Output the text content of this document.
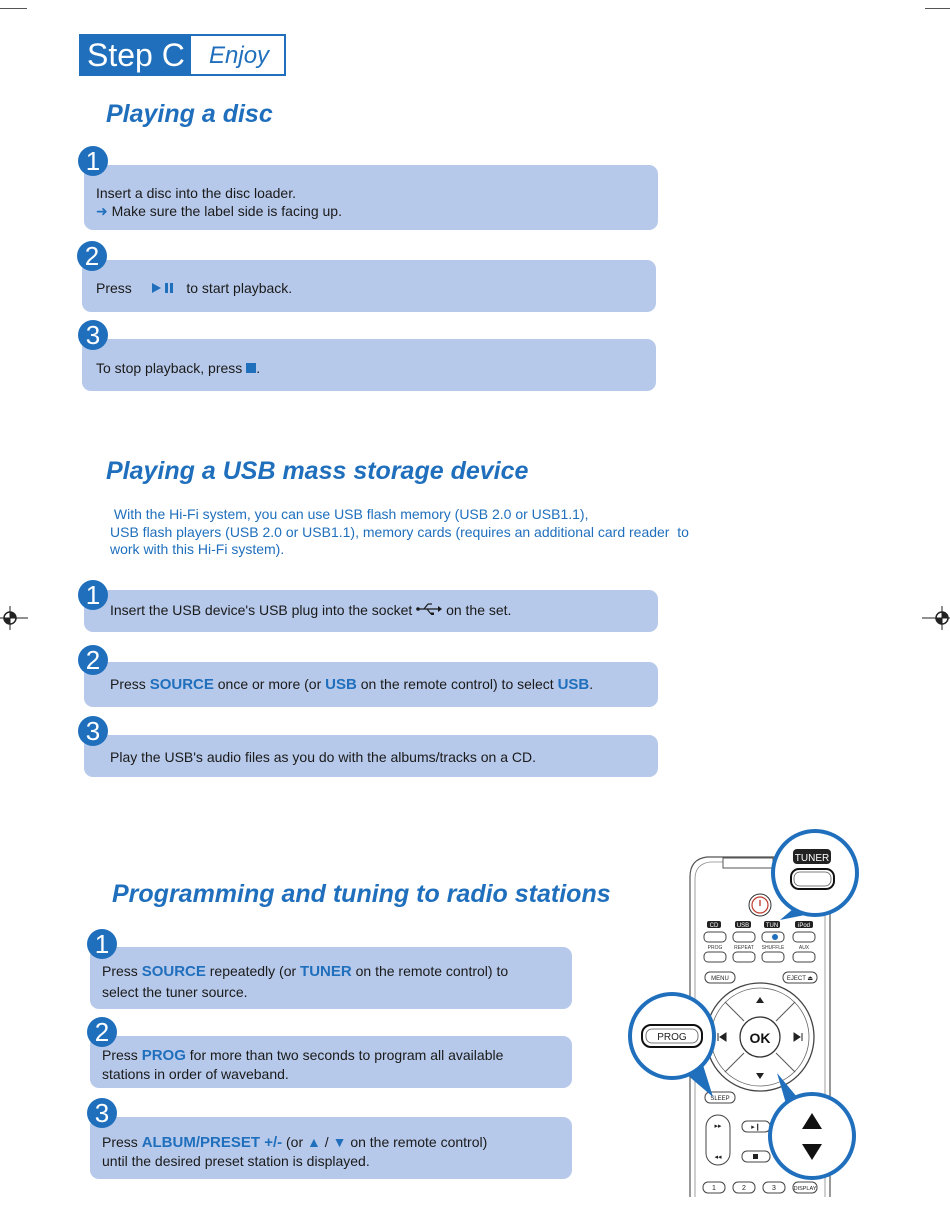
Step C	Enjoy
Playing a disc
Insert a disc into the disc loader.
➜ Make sure the label side is facing up.
1
Press	to start playback.
2
To stop playback, press .
3
Playing a USB mass storage device
With the Hi-Fi system, you can use USB flash memory (USB 2.0 or USB1.1),
USB flash players (USB 2.0 or USB1.1), memory cards (requires an additional card reader  to
work with this Hi-Fi system).
Insert the USB device's USB plug into the socket on the set.
1
Press SOURCE once or more (or USB on the remote control) to select USB.
2
Play the USB's audio files as you do with the albums/tracks on a CD.
3
Programming and tuning to radio stations
Press SOURCE repeatedly (or TUNER on the remote control) to
select the tuner source.
1
Press PROG for more than two seconds to program all available
stations in order of waveband.
2
Press ALBUM/PRESET +/- (or ▲ / ▼ on the remote control)
until the desired preset station is displayed.
3
CD	USB	TUN	iPod
PROG REPEAT SHUFFLE	AUX
MENU	EJECT ⏏
OK
SLEEP
▸▸
◂◂
▸❙
1	2	3	DISPLAY
TUNER
PROG
